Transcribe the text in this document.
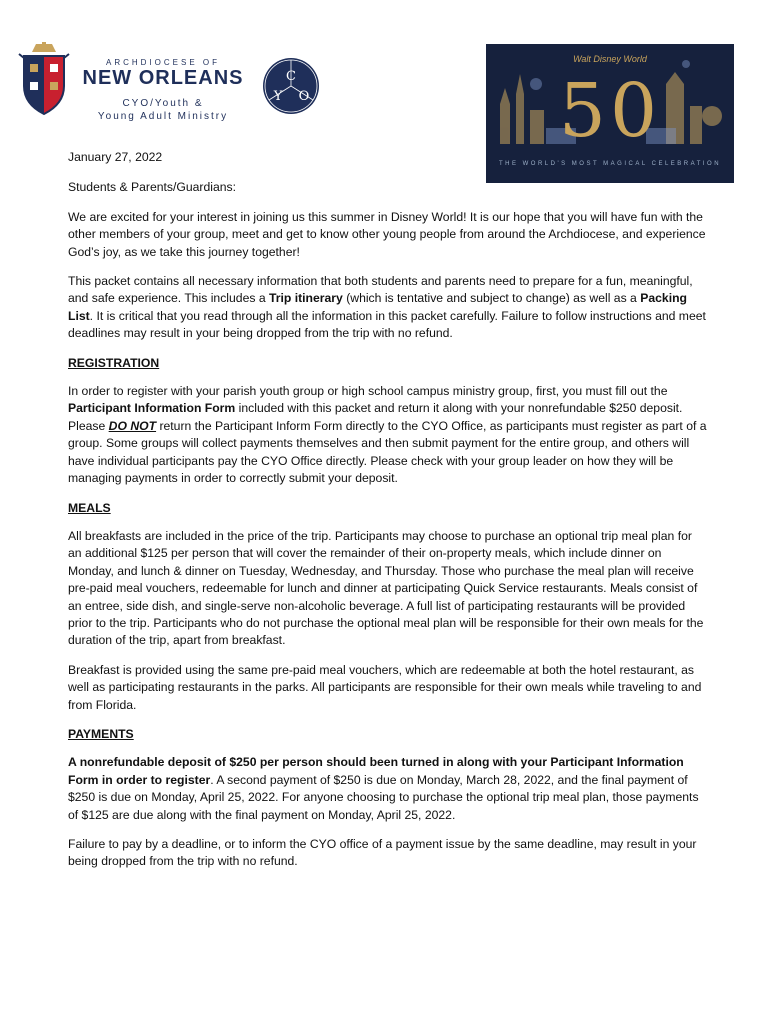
ARCHDIOCESE OF
NEW ORLEANS
CYO/Youth &
Young Adult Ministry
C
Y O
Walt Disney World
50
THE WORLD'S MOST MAGICAL CELEBRATION

January 27, 2022

Students & Parents/Guardians:

We are excited for your interest in joining us this summer in Disney World! It is our hope that you will have fun with the other members of your group, meet and get to know other young people from around the Archdiocese, and experience God’s joy, as we take this journey together!

This packet contains all necessary information that both students and parents need to prepare for a fun, meaningful, and safe experience. This includes a Trip itinerary (which is tentative and subject to change) as well as a Packing List. It is critical that you read through all the information in this packet carefully. Failure to follow instructions and meet deadlines may result in your being dropped from the trip with no refund.

REGISTRATION

In order to register with your parish youth group or high school campus ministry group, first, you must fill out the Participant Information Form included with this packet and return it along with your nonrefundable $250 deposit. Please DO NOT return the Participant Inform Form directly to the CYO Office, as participants must register as part of a group. Some groups will collect payments themselves and then submit payment for the entire group, and others will have individual participants pay the CYO Office directly. Please check with your group leader on how they will be managing payments in order to correctly submit your deposit.

MEALS

All breakfasts are included in the price of the trip. Participants may choose to purchase an optional trip meal plan for an additional $125 per person that will cover the remainder of their on-property meals, which include dinner on Monday, and lunch & dinner on Tuesday, Wednesday, and Thursday. Those who purchase the meal plan will receive pre-paid meal vouchers, redeemable for lunch and dinner at participating Quick Service restaurants. Meals consist of an entree, side dish, and single-serve non-alcoholic beverage. A full list of participating restaurants will be provided prior to the trip. Participants who do not purchase the optional meal plan will be responsible for their own meals for the duration of the trip, apart from breakfast.

Breakfast is provided using the same pre-paid meal vouchers, which are redeemable at both the hotel restaurant, as well as participating restaurants in the parks. All participants are responsible for their own meals while traveling to and from Florida.

PAYMENTS

A nonrefundable deposit of $250 per person should been turned in along with your Participant Information Form in order to register. A second payment of $250 is due on Monday, March 28, 2022, and the final payment of $250 is due on Monday, April 25, 2022. For anyone choosing to purchase the optional trip meal plan, those payments of $125 are due along with the final payment on Monday, April 25, 2022.

Failure to pay by a deadline, or to inform the CYO office of a payment issue by the same deadline, may result in your being dropped from the trip with no refund.
